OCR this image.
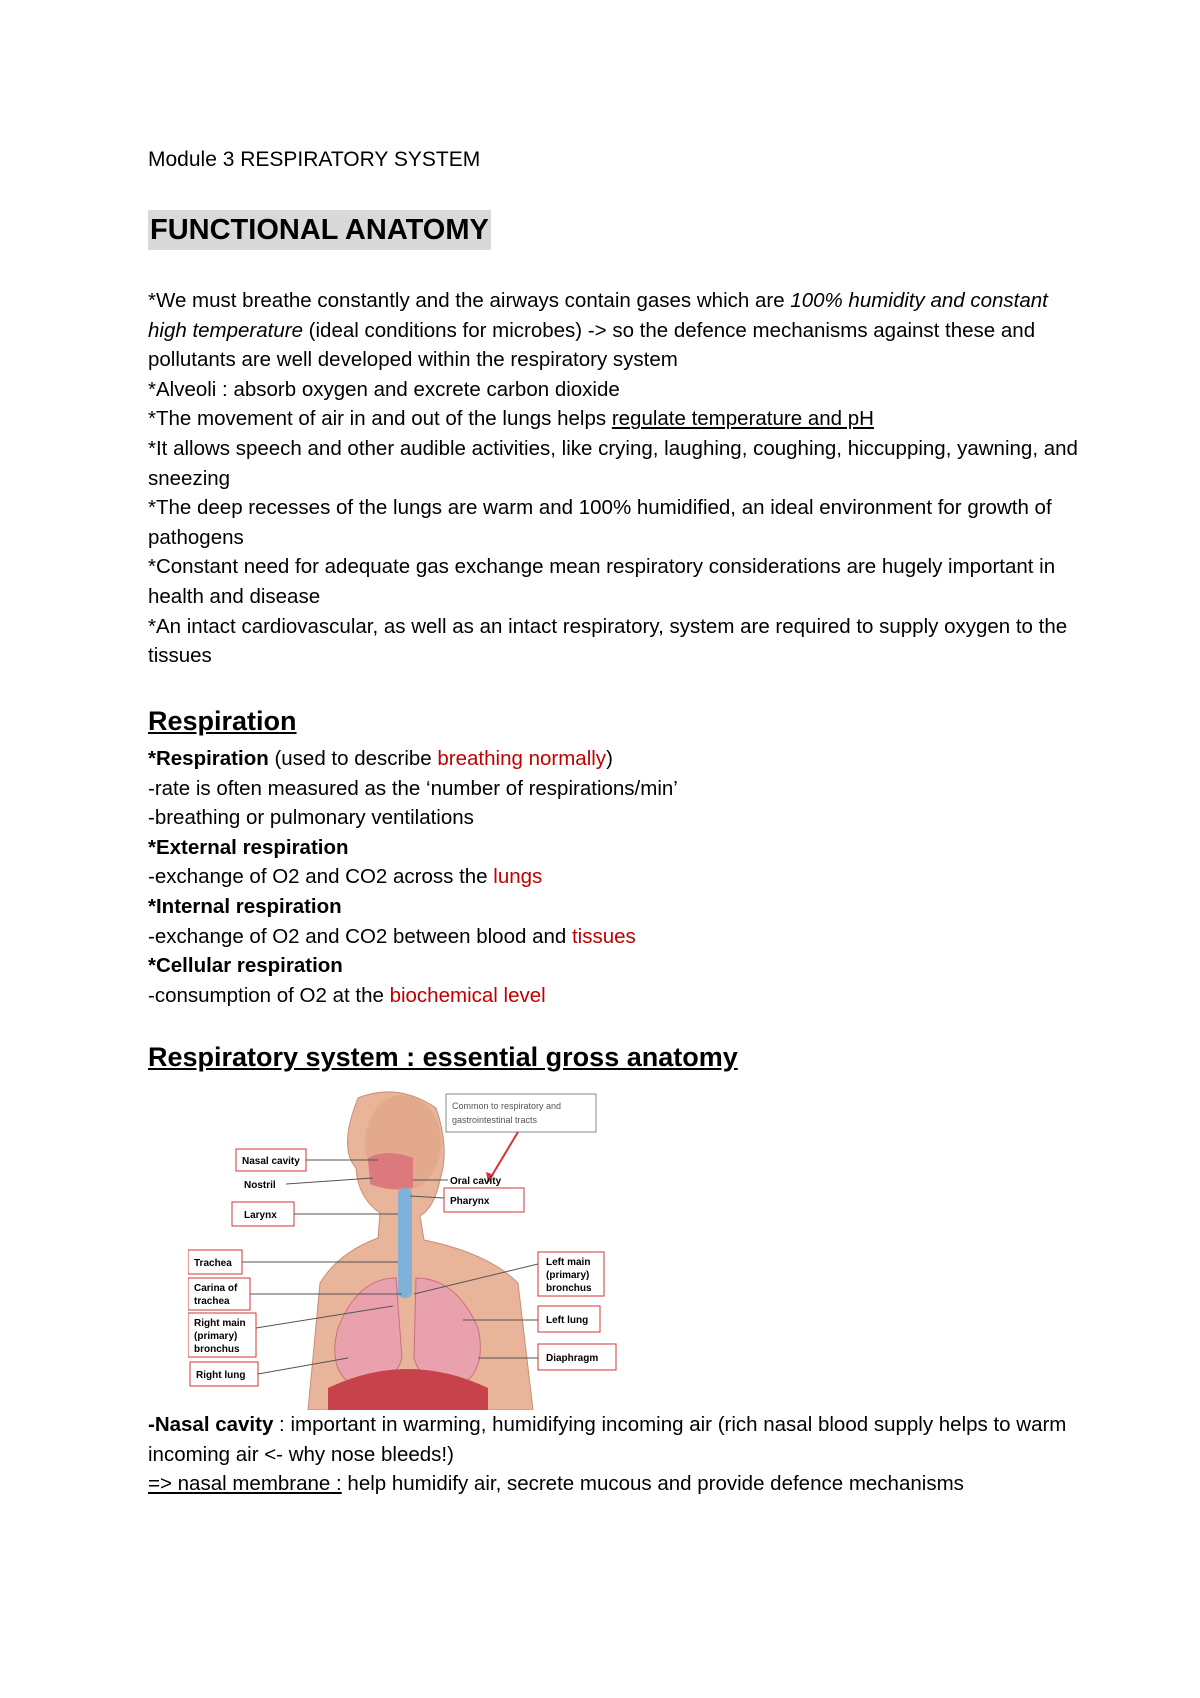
Module 3 RESPIRATORY SYSTEM
FUNCTIONAL ANATOMY

*We must breathe constantly and the airways contain gases which are 100% humidity and constant high temperature (ideal conditions for microbes) -> so the defence mechanisms against these and pollutants are well developed within the respiratory system

*Alveoli : absorb oxygen and excrete carbon dioxide

*The movement of air in and out of the lungs helps regulate temperature and pH

*It allows speech and other audible activities, like crying, laughing, coughing, hiccupping, yawning, and sneezing

*The deep recesses of the lungs are warm and 100% humidified, an ideal environment for growth of pathogens

*Constant need for adequate gas exchange mean respiratory considerations are hugely important in health and disease

*An intact cardiovascular, as well as an intact respiratory, system are required to supply oxygen to the tissues

Respiration

*Respiration (used to describe breathing normally)

-rate is often measured as the ‘number of respirations/min’

-breathing or pulmonary ventilations

*External respiration

-exchange of O2 and CO2 across the lungs

*Internal respiration

-exchange of O2 and CO2 between blood and tissues

*Cellular respiration

-consumption of O2 at the biochemical level

Respiratory system : essential gross anatomy
Common to respiratory and
gastrointestinal tracts
Nasal cavity
Nostril
Larynx
Trachea
Carina of
trachea
Right main
(primary)
bronchus
Right lung
Oral cavity
Pharynx
Left main
(primary)
bronchus
Left lung
Diaphragm

-Nasal cavity : important in warming, humidifying incoming air (rich nasal blood supply helps to warm incoming air <- why nose bleeds!)

=> nasal membrane : help humidify air, secrete mucous and provide defence mechanisms
